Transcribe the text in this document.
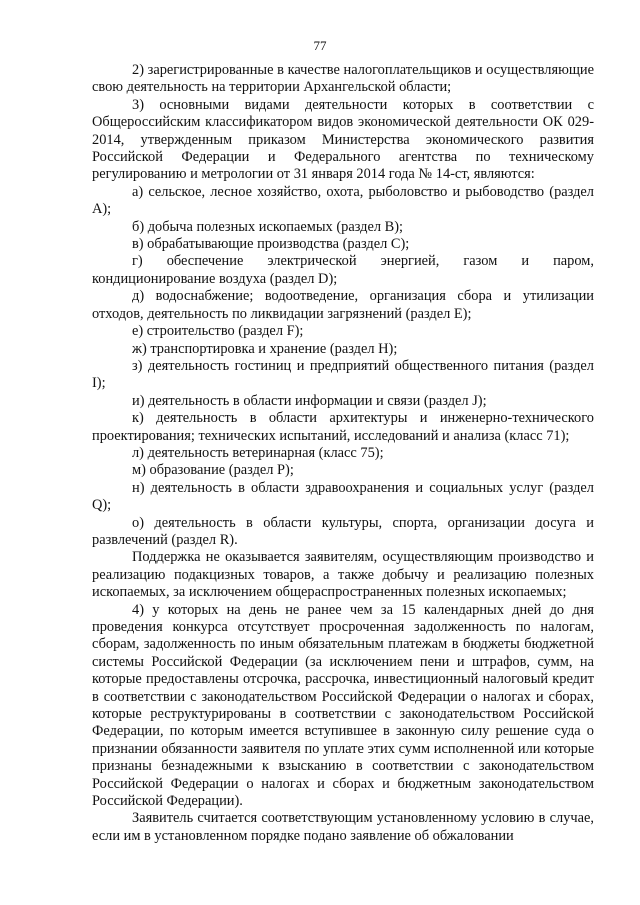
77

2) зарегистрированные в качестве налогоплательщиков и осуществляющие свою деятельность на территории Архангельской области;

3) основными видами деятельности которых в соответствии с Общероссийским классификатором видов экономической деятельности ОК 029-2014, утвержденным приказом Министерства экономического развития Российской Федерации и Федерального агентства по техническому регулированию и метрологии от 31 января 2014 года № 14-ст, являются:

а) сельское, лесное хозяйство, охота, рыболовство и рыбоводство (раздел A);

б) добыча полезных ископаемых (раздел B);

в) обрабатывающие производства (раздел C);

г) обеспечение электрической энергией, газом и паром, кондиционирование воздуха (раздел D);

д) водоснабжение; водоотведение, организация сбора и утилизации отходов, деятельность по ликвидации загрязнений (раздел E);

е) строительство (раздел F);

ж) транспортировка и хранение (раздел H);

з) деятельность гостиниц и предприятий общественного питания (раздел I);

и) деятельность в области информации и связи (раздел J);

к) деятельность в области архитектуры и инженерно-технического проектирования; технических испытаний, исследований и анализа (класс 71);

л) деятельность ветеринарная (класс 75);

м) образование (раздел P);

н) деятельность в области здравоохранения и социальных услуг (раздел Q);

о) деятельность в области культуры, спорта, организации досуга и развлечений (раздел R).

Поддержка не оказывается заявителям, осуществляющим производство и реализацию подакцизных товаров, а также добычу и реализацию полезных ископаемых, за исключением общераспространенных полезных ископаемых;

4) у которых на день не ранее чем за 15 календарных дней до дня проведения конкурса отсутствует просроченная задолженность по налогам, сборам, задолженность по иным обязательным платежам в бюджеты бюджетной системы Российской Федерации (за исключением пени и штрафов, сумм, на которые предоставлены отсрочка, рассрочка, инвестиционный налоговый кредит в соответствии с законодательством Российской Федерации о налогах и сборах, которые реструктурированы в соответствии с законодательством Российской Федерации, по которым имеется вступившее в законную силу решение суда о признании обязанности заявителя по уплате этих сумм исполненной или которые признаны безнадежными к взысканию в соответствии с законодательством Российской Федерации о налогах и сборах и бюджетным законодательством Российской Федерации).

Заявитель считается соответствующим установленному условию в случае, если им в установленном порядке подано заявление об обжаловании
